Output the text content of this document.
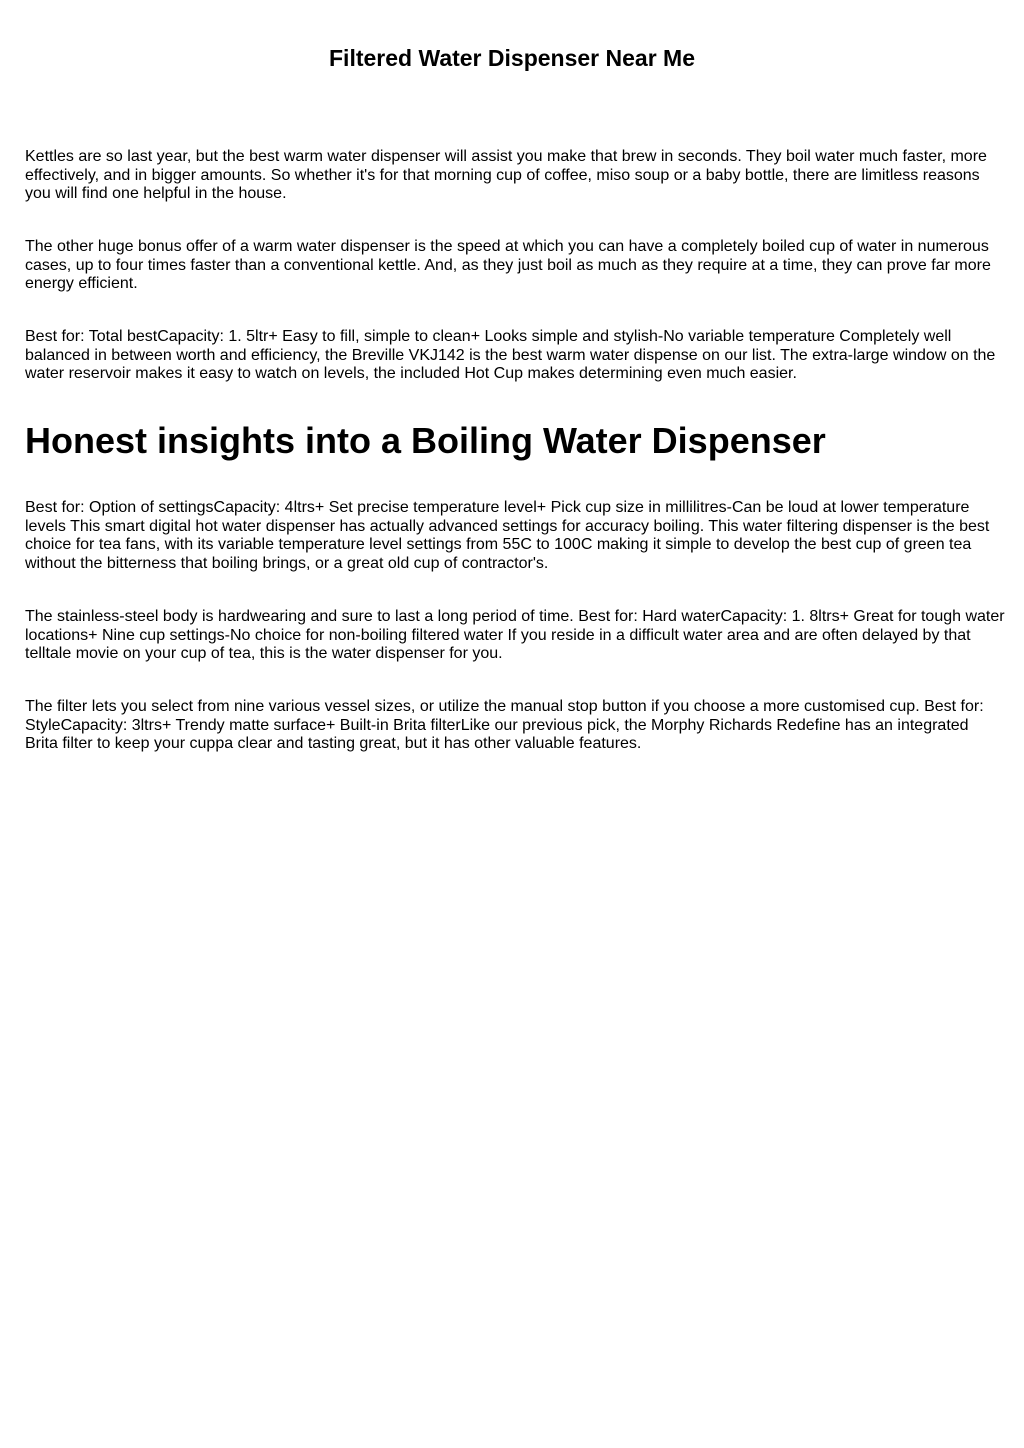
Filtered Water Dispenser Near Me

Kettles are so last year, but the best warm water dispenser will assist you make that brew in seconds. They boil water much faster, more effectively, and in bigger amounts. So whether it's for that morning cup of coffee, miso soup or a baby bottle, there are limitless reasons you will find one helpful in the house.

The other huge bonus offer of a warm water dispenser is the speed at which you can have a completely boiled cup of water in numerous cases, up to four times faster than a conventional kettle. And, as they just boil as much as they require at a time, they can prove far more energy efficient.

Best for: Total bestCapacity: 1. 5ltr+ Easy to fill, simple to clean+ Looks simple and stylish-No variable temperature Completely well balanced in between worth and efficiency, the Breville VKJ142 is the best warm water dispense on our list. The extra-large window on the water reservoir makes it easy to watch on levels, the included Hot Cup makes determining even much easier.

Honest insights into a Boiling Water Dispenser

Best for: Option of settingsCapacity: 4ltrs+ Set precise temperature level+ Pick cup size in millilitres-Can be loud at lower temperature levels This smart digital hot water dispenser has actually advanced settings for accuracy boiling. This water filtering dispenser is the best choice for tea fans, with its variable temperature level settings from 55C to 100C making it simple to develop the best cup of green tea without the bitterness that boiling brings, or a great old cup of contractor's.

The stainless-steel body is hardwearing and sure to last a long period of time. Best for: Hard waterCapacity: 1. 8ltrs+ Great for tough water locations+ Nine cup settings-No choice for non-boiling filtered water If you reside in a difficult water area and are often delayed by that telltale movie on your cup of tea, this is the water dispenser for you.

The filter lets you select from nine various vessel sizes, or utilize the manual stop button if you choose a more customised cup. Best for: StyleCapacity: 3ltrs+ Trendy matte surface+ Built-in Brita filterLike our previous pick, the Morphy Richards Redefine has an integrated Brita filter to keep your cuppa clear and tasting great, but it has other valuable features.
